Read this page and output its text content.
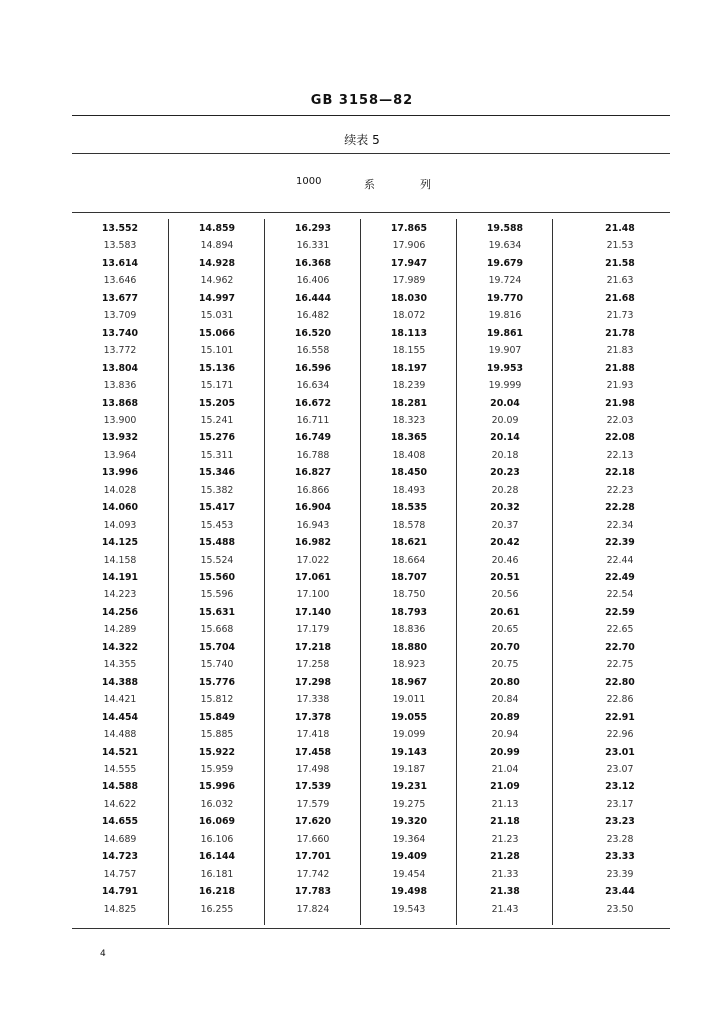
GB 3158—82
续表 5
1000	系	列
13.552
13.583
13.614
13.646
13.677
13.709
13.740
13.772
13.804
13.836
13.868
13.900
13.932
13.964
13.996
14.028
14.060
14.093
14.125
14.158
14.191
14.223
14.256
14.289
14.322
14.355
14.388
14.421
14.454
14.488
14.521
14.555
14.588
14.622
14.655
14.689
14.723
14.757
14.791
14.825
14.859
14.894
14.928
14.962
14.997
15.031
15.066
15.101
15.136
15.171
15.205
15.241
15.276
15.311
15.346
15.382
15.417
15.453
15.488
15.524
15.560
15.596
15.631
15.668
15.704
15.740
15.776
15.812
15.849
15.885
15.922
15.959
15.996
16.032
16.069
16.106
16.144
16.181
16.218
16.255
16.293
16.331
16.368
16.406
16.444
16.482
16.520
16.558
16.596
16.634
16.672
16.711
16.749
16.788
16.827
16.866
16.904
16.943
16.982
17.022
17.061
17.100
17.140
17.179
17.218
17.258
17.298
17.338
17.378
17.418
17.458
17.498
17.539
17.579
17.620
17.660
17.701
17.742
17.783
17.824
17.865
17.906
17.947
17.989
18.030
18.072
18.113
18.155
18.197
18.239
18.281
18.323
18.365
18.408
18.450
18.493
18.535
18.578
18.621
18.664
18.707
18.750
18.793
18.836
18.880
18.923
18.967
19.011
19.055
19.099
19.143
19.187
19.231
19.275
19.320
19.364
19.409
19.454
19.498
19.543
19.588
19.634
19.679
19.724
19.770
19.816
19.861
19.907
19.953
19.999
20.04
20.09
20.14
20.18
20.23
20.28
20.32
20.37
20.42
20.46
20.51
20.56
20.61
20.65
20.70
20.75
20.80
20.84
20.89
20.94
20.99
21.04
21.09
21.13
21.18
21.23
21.28
21.33
21.38
21.43
21.48
21.53
21.58
21.63
21.68
21.73
21.78
21.83
21.88
21.93
21.98
22.03
22.08
22.13
22.18
22.23
22.28
22.34
22.39
22.44
22.49
22.54
22.59
22.65
22.70
22.75
22.80
22.86
22.91
22.96
23.01
23.07
23.12
23.17
23.23
23.28
23.33
23.39
23.44
23.50
4
